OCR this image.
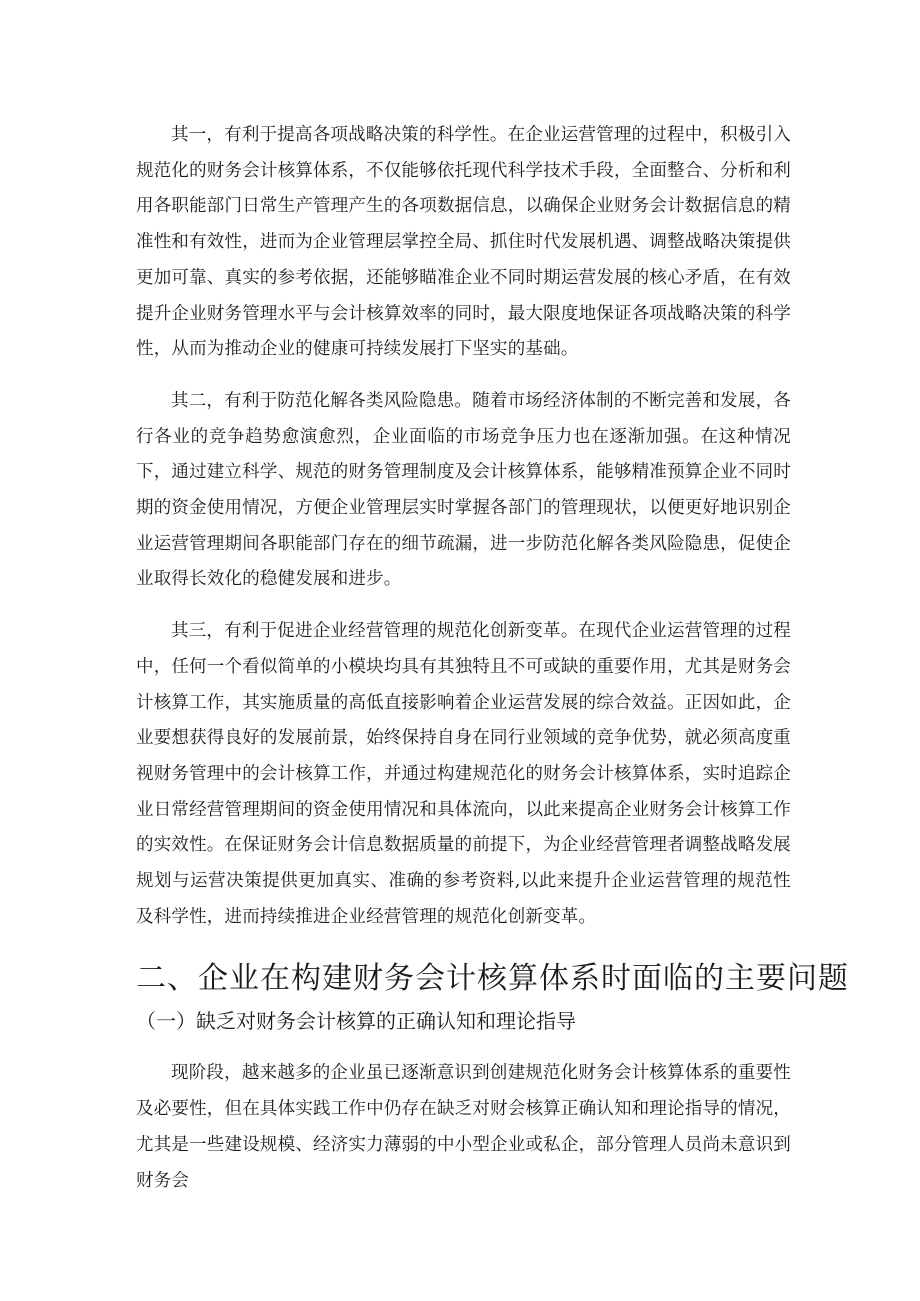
其一，有利于提高各项战略决策的科学性。在企业运营管理的过程中，积极引入规范化的财务会计核算体系，不仅能够依托现代科学技术手段，全面整合、分析和利用各职能部门日常生产管理产生的各项数据信息，以确保企业财务会计数据信息的精准性和有效性，进而为企业管理层掌控全局、抓住时代发展机遇、调整战略决策提供更加可靠、真实的参考依据，还能够瞄准企业不同时期运营发展的核心矛盾，在有效提升企业财务管理水平与会计核算效率的同时，最大限度地保证各项战略决策的科学性，从而为推动企业的健康可持续发展打下坚实的基础。

其二，有利于防范化解各类风险隐患。随着市场经济体制的不断完善和发展，各行各业的竞争趋势愈演愈烈，企业面临的市场竞争压力也在逐渐加强。在这种情况下，通过建立科学、规范的财务管理制度及会计核算体系，能够精准预算企业不同时期的资金使用情况，方便企业管理层实时掌握各部门的管理现状，以便更好地识别企业运营管理期间各职能部门存在的细节疏漏，进一步防范化解各类风险隐患，促使企业取得长效化的稳健发展和进步。

其三，有利于促进企业经营管理的规范化创新变革。在现代企业运营管理的过程中，任何一个看似简单的小模块均具有其独特且不可或缺的重要作用，尤其是财务会计核算工作，其实施质量的高低直接影响着企业运营发展的综合效益。正因如此，企业要想获得良好的发展前景，始终保持自身在同行业领域的竞争优势，就必须高度重视财务管理中的会计核算工作，并通过构建规范化的财务会计核算体系，实时追踪企业日常经营管理期间的资金使用情况和具体流向，以此来提高企业财务会计核算工作的实效性。在保证财务会计信息数据质量的前提下，为企业经营管理者调整战略发展规划与运营决策提供更加真实、准确的参考资料,以此来提升企业运营管理的规范性及科学性，进而持续推进企业经营管理的规范化创新变革。

二、企业在构建财务会计核算体系时面临的主要问题
（一）缺乏对财务会计核算的正确认知和理论指导

现阶段，越来越多的企业虽已逐渐意识到创建规范化财务会计核算体系的重要性及必要性，但在具体实践工作中仍存在缺乏对财会核算正确认知和理论指导的情况，尤其是一些建设规模、经济实力薄弱的中小型企业或私企，部分管理人员尚未意识到财务会
